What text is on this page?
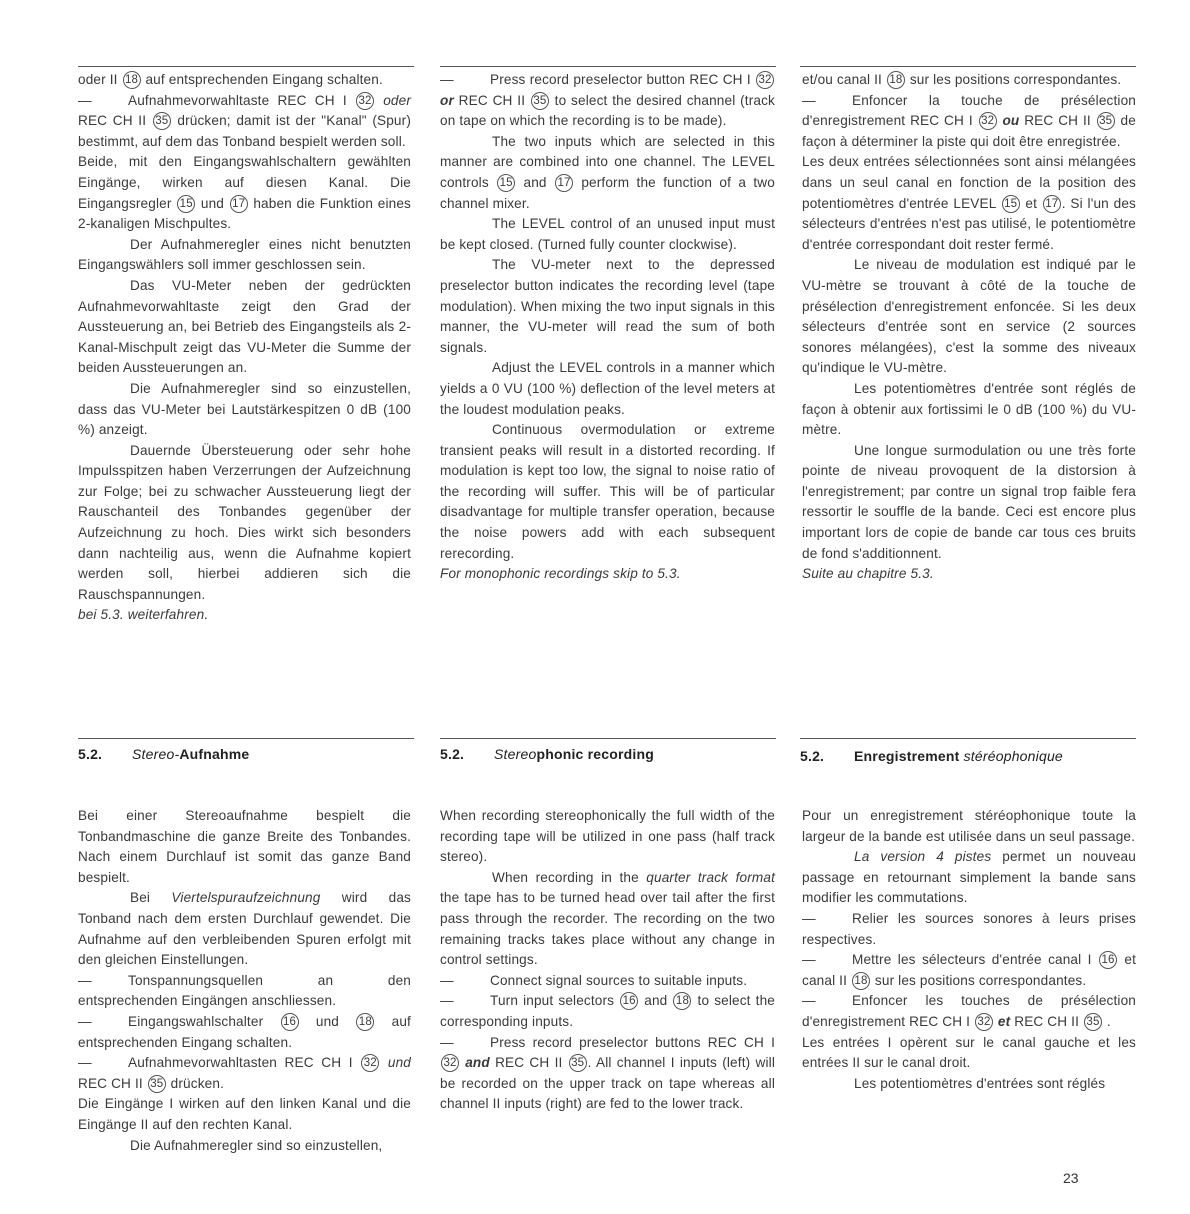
oder II 18 auf entsprechenden Eingang schalten.

— Aufnahmevorwahltaste REC CH I 32 oder REC CH II 35 drücken; damit ist der "Kanal" (Spur) bestimmt, auf dem das Tonband bespielt werden soll.

Beide, mit den Eingangswahlschaltern gewählten Eingänge, wirken auf diesen Kanal. Die Eingangsregler 15 und 17 haben die Funktion eines 2-kanaligen Mischpultes.

Der Aufnahmeregler eines nicht benutzten Eingangswählers soll immer geschlossen sein.

Das VU-Meter neben der gedrückten Aufnahmevorwahltaste zeigt den Grad der Aussteuerung an, bei Betrieb des Eingangsteils als 2-Kanal-Mischpult zeigt das VU-Meter die Summe der beiden Aussteuerungen an.

Die Aufnahmeregler sind so einzustellen, dass das VU-Meter bei Lautstärkespitzen 0 dB (100 %) anzeigt.

Dauernde Übersteuerung oder sehr hohe Impulsspitzen haben Verzerrungen der Aufzeichnung zur Folge; bei zu schwacher Aussteuerung liegt der Rauschanteil des Tonbandes gegenüber der Aufzeichnung zu hoch. Dies wirkt sich besonders dann nachteilig aus, wenn die Aufnahme kopiert werden soll, hierbei addieren sich die Rauschspannungen.

bei 5.3. weiterfahren.

— Press record preselector button REC CH I 32 or REC CH II 35 to select the desired channel (track on tape on which the recording is to be made).

The two inputs which are selected in this manner are combined into one channel. The LEVEL controls 15 and 17 perform the function of a two channel mixer.

The LEVEL control of an unused input must be kept closed. (Turned fully counter clockwise).

The VU-meter next to the depressed preselector button indicates the recording level (tape modulation). When mixing the two input signals in this manner, the VU-meter will read the sum of both signals.

Adjust the LEVEL controls in a manner which yields a 0 VU (100 %) deflection of the level meters at the loudest modulation peaks.

Continuous overmodulation or extreme transient peaks will result in a distorted recording. If modulation is kept too low, the signal to noise ratio of the recording will suffer. This will be of particular disadvantage for multiple transfer operation, because the noise powers add with each subsequent rerecording.

For monophonic recordings skip to 5.3.

et/ou canal II 18 sur les positions correspondantes.

— Enfoncer la touche de présélection d'enregistrement REC CH I 32 ou REC CH II 35 de façon à déterminer la piste qui doit être enregistrée.

Les deux entrées sélectionnées sont ainsi mélangées dans un seul canal en fonction de la position des potentiomètres d'entrée LEVEL 15 et 17 . Si l'un des sélecteurs d'entrées n'est pas utilisé, le potentiomètre d'entrée correspondant doit rester fermé.

Le niveau de modulation est indiqué par le VU-mètre se trouvant à côté de la touche de présélection d'enregistrement enfoncée. Si les deux sélecteurs d'entrée sont en service (2 sources sonores mélangées), c'est la somme des niveaux qu'indique le VU-mètre.

Les potentiomètres d'entrée sont réglés de façon à obtenir aux fortissimi le 0 dB (100 %) du VU-mètre.

Une longue surmodulation ou une très forte pointe de niveau provoquent de la distorsion à l'enregistrement; par contre un signal trop faible fera ressortir le souffle de la bande. Ceci est encore plus important lors de copie de bande car tous ces bruits de fond s'additionnent.

Suite au chapitre 5.3.

5.2. Stereo-Aufnahme	5.2. Stereophonic recording	5.2. Enregistrement stéréophonique

Bei einer Stereoaufnahme bespielt die Tonbandmaschine die ganze Breite des Tonbandes. Nach einem Durchlauf ist somit das ganze Band bespielt.

Bei Viertelspuraufzeichnung wird das Tonband nach dem ersten Durchlauf gewendet. Die Aufnahme auf den verbleibenden Spuren erfolgt mit den gleichen Einstellungen.

— Tonspannungsquellen an den entsprechenden Eingängen anschliessen.

— Eingangswahlschalter 16 und 18 auf entsprechenden Eingang schalten.

— Aufnahmevorwahltasten REC CH I 32 und REC CH II 35 drücken.

Die Eingänge I wirken auf den linken Kanal und die Eingänge II auf den rechten Kanal.

Die Aufnahmeregler sind so einzustellen,

When recording stereophonically the full width of the recording tape will be utilized in one pass (half track stereo).

When recording in the quarter track format the tape has to be turned head over tail after the first pass through the recorder. The recording on the two remaining tracks takes place without any change in control settings.

— Connect signal sources to suitable inputs.

— Turn input selectors 16 and 18 to select the corresponding inputs.

— Press record preselector buttons REC CH I 32 and REC CH II 35 . All channel I inputs (left) will be recorded on the upper track on tape whereas all channel II inputs (right) are fed to the lower track.

Pour un enregistrement stéréophonique toute la largeur de la bande est utilisée dans un seul passage.

La version 4 pistes permet un nouveau passage en retournant simplement la bande sans modifier les commutations.

— Relier les sources sonores à leurs prises respectives.

— Mettre les sélecteurs d'entrée canal I 16 et canal II 18 sur les positions correspondantes.

— Enfoncer les touches de présélection d'enregistrement REC CH I 32 et REC CH II 35 .

Les entrées I opèrent sur le canal gauche et les entrées II sur le canal droit.

Les potentiomètres d'entrées sont réglés

23
